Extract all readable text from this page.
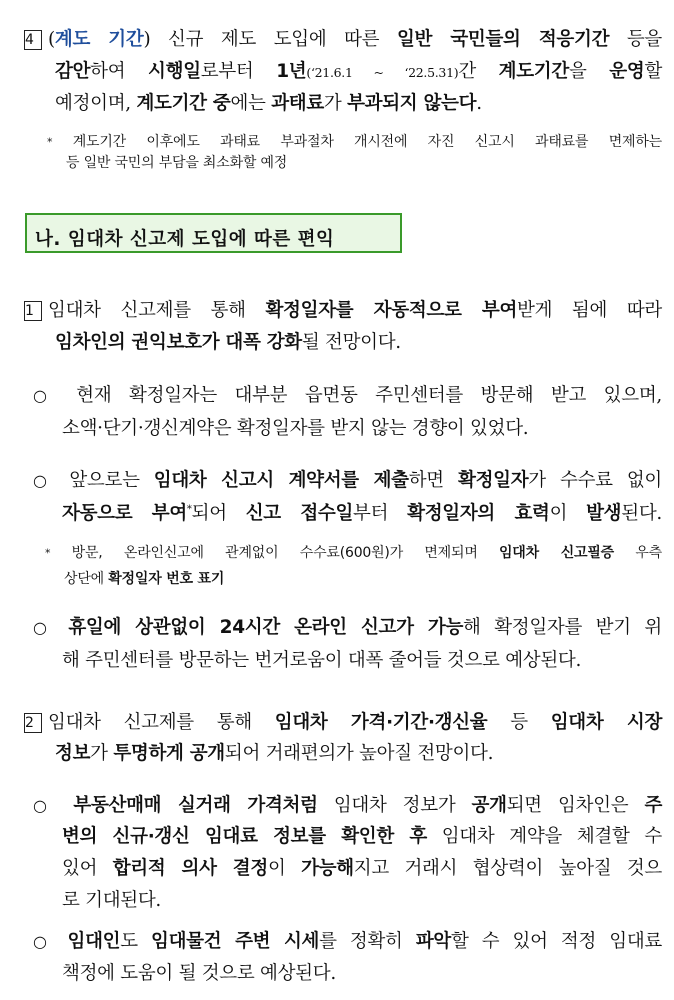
4 (계도 기간) 신규 제도 도입에 따른 일반 국민들의 적응기간 등을
감안하여 시행일로부터 1년(‘21.6.1 ~ ‘22.5.31)간 계도기간을 운영할
예정이며, 계도기간 중에는 과태료가 부과되지 않는다.
* 계도기간 이후에도 과태료 부과절차 개시전에 자진 신고시 과태료를 면제하는
등 일반 국민의 부담을 최소화할 예정
나. 임대차 신고제 도입에 따른 편익
1 임대차 신고제를 통해 확정일자를 자동적으로 부여받게 됨에 따라
임차인의 권익보호가 대폭 강화될 전망이다.
○ 현재 확정일자는 대부분 읍면동 주민센터를 방문해 받고 있으며,
소액·단기·갱신계약은 확정일자를 받지 않는 경향이 있었다.
○ 앞으로는 임대차 신고시 계약서를 제출하면 확정일자가 수수료 없이
자동으로 부여*되어 신고 접수일부터 확정일자의 효력이 발생된다.
* 방문, 온라인신고에 관계없이 수수료(600원)가 면제되며 임대차 신고필증 우측
상단에 확정일자 번호 표기
○ 휴일에 상관없이 24시간 온라인 신고가 가능해 확정일자를 받기 위
해 주민센터를 방문하는 번거로움이 대폭 줄어들 것으로 예상된다.
2 임대차 신고제를 통해 임대차 가격·기간·갱신율 등 임대차 시장
정보가 투명하게 공개되어 거래편의가 높아질 전망이다.
○ 부동산매매 실거래 가격처럼 임대차 정보가 공개되면 임차인은 주
변의 신규·갱신 임대료 정보를 확인한 후 임대차 계약을 체결할 수
있어 합리적 의사 결정이 가능해지고 거래시 협상력이 높아질 것으
로 기대된다.
○ 임대인도 임대물건 주변 시세를 정확히 파악할 수 있어 적정 임대료
책정에 도움이 될 것으로 예상된다.
